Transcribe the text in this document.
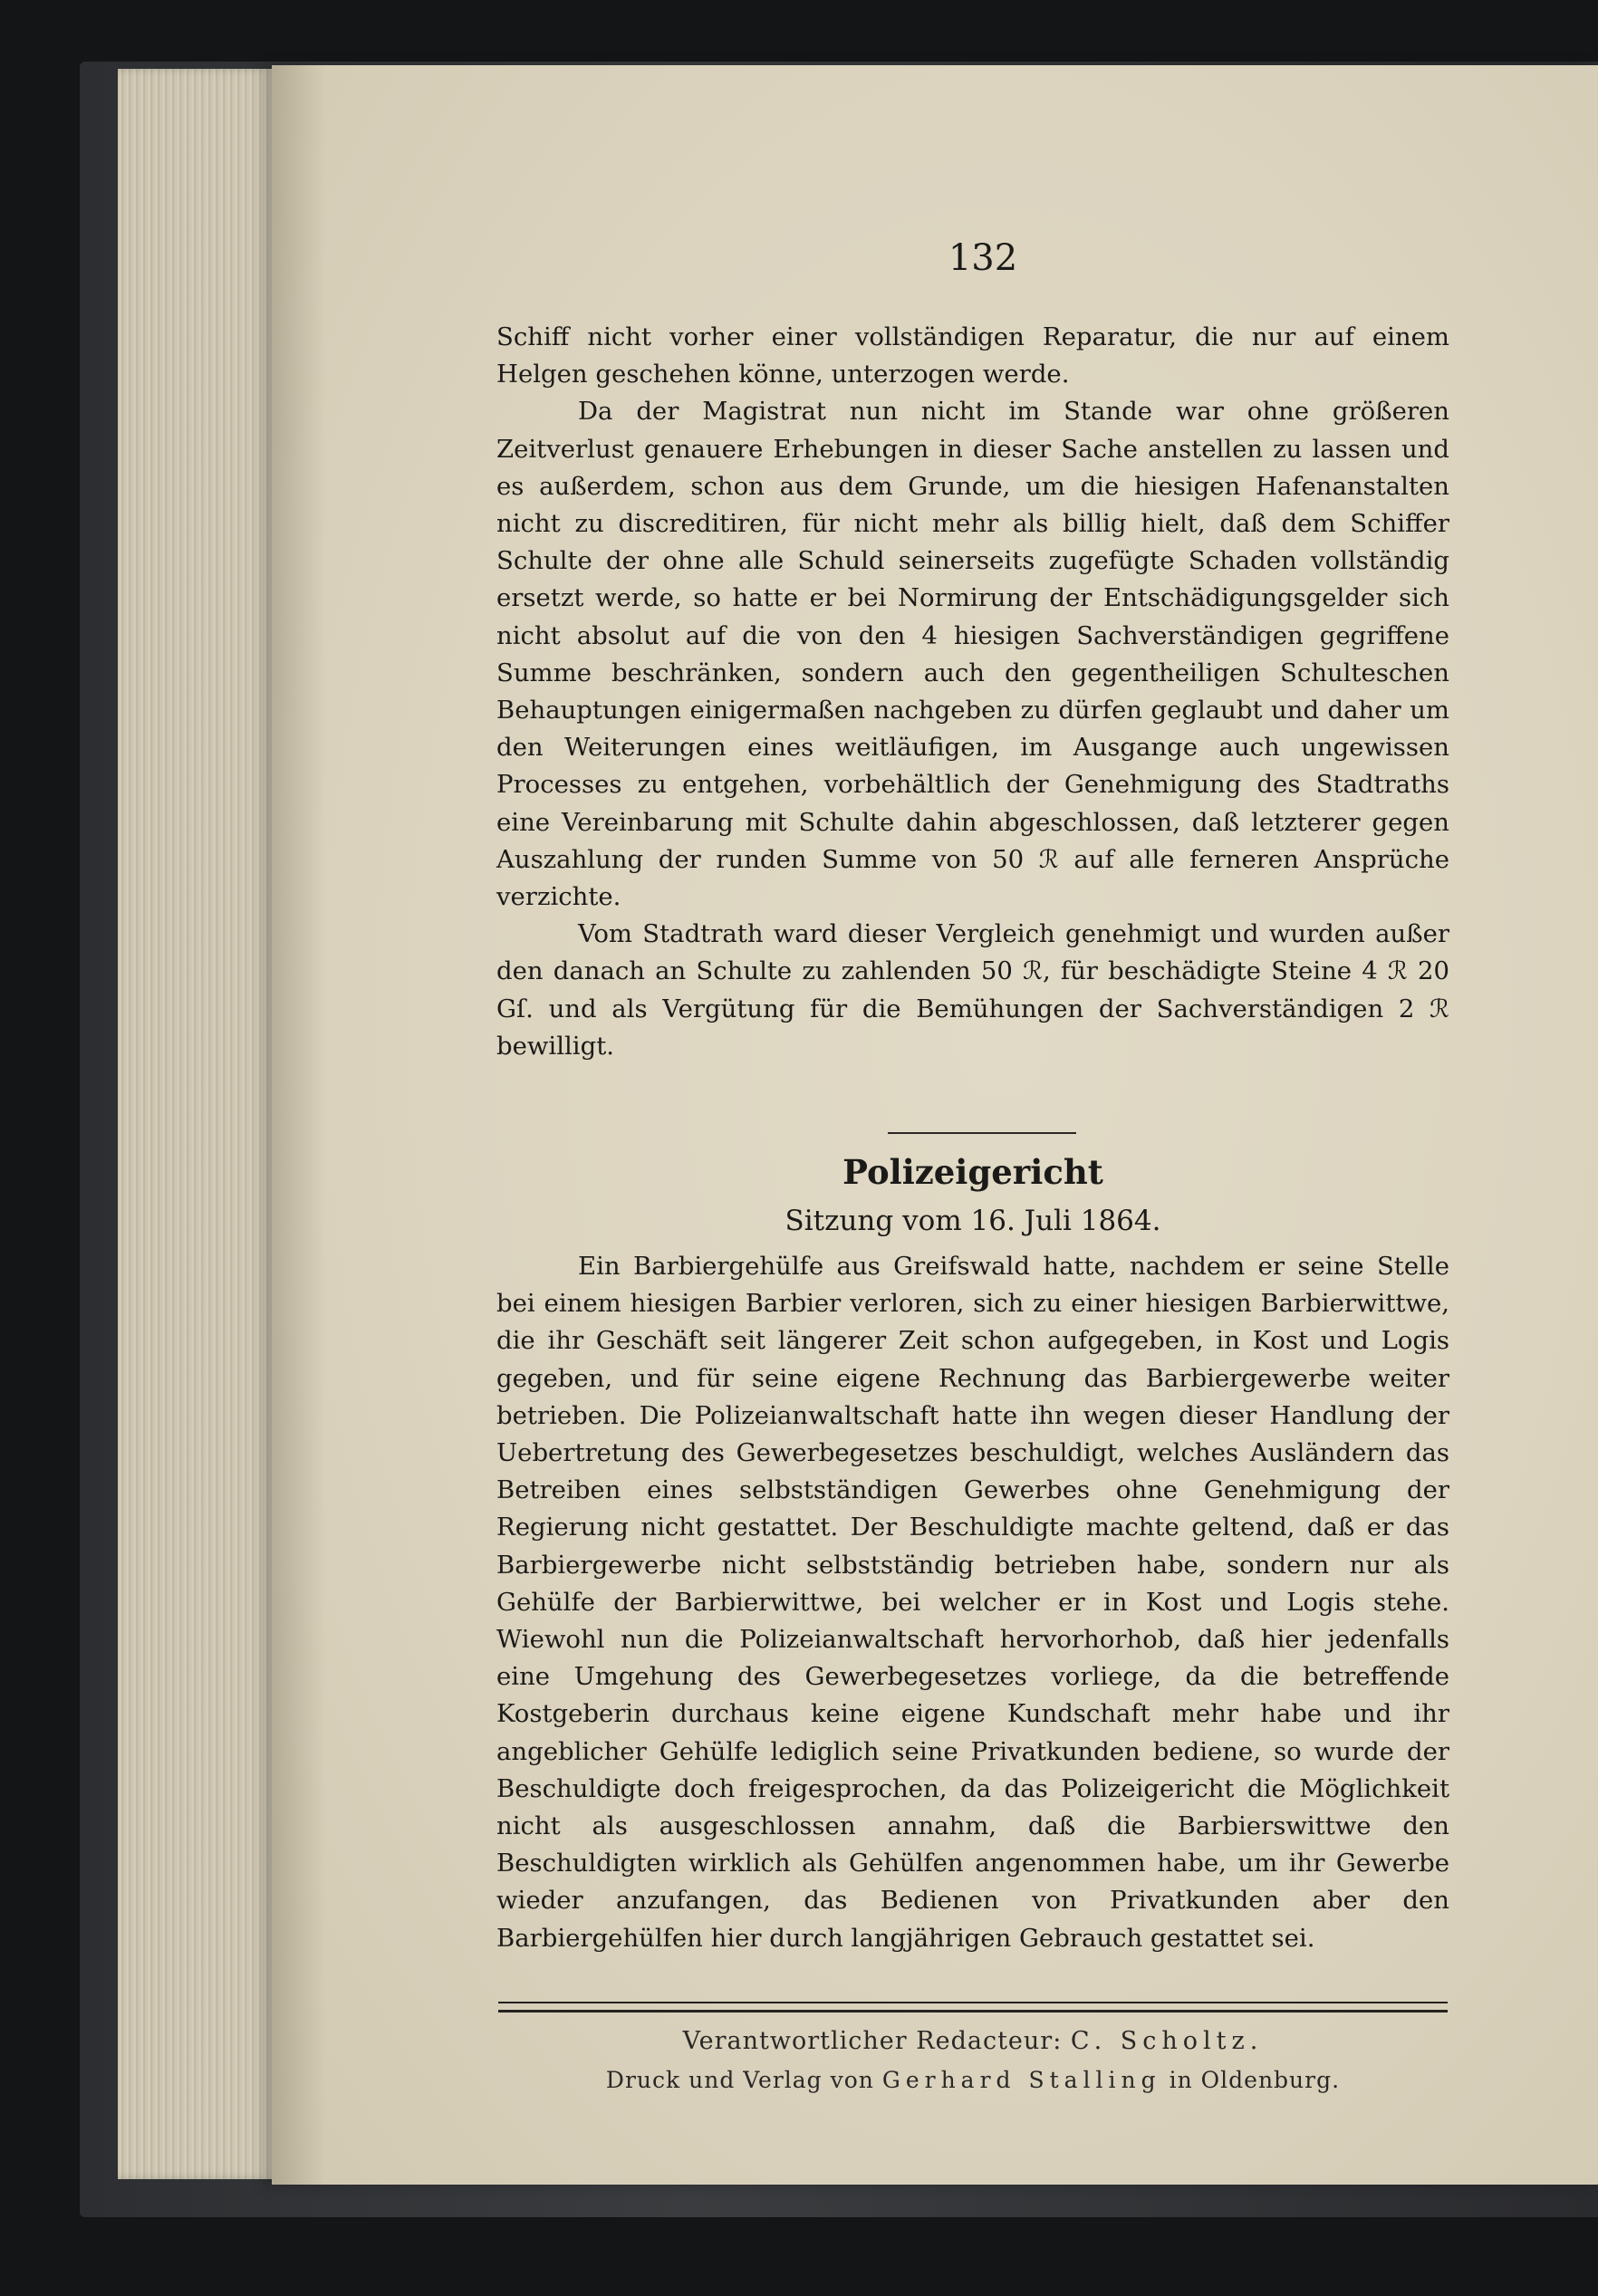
132

Schiff nicht vorher einer vollständigen Reparatur, die nur auf einem Helgen geschehen könne, unterzogen werde.

Da der Magistrat nun nicht im Stande war ohne größeren Zeitverlust genauere Erhebungen in dieser Sache anstellen zu lassen und es außerdem, schon aus dem Grunde, um die hiesigen Hafenanstalten nicht zu discreditiren, für nicht mehr als billig hielt, daß dem Schiffer Schulte der ohne alle Schuld seinerseits zugefügte Schaden vollständig ersetzt werde, so hatte er bei Normirung der Entschädigungsgelder sich nicht absolut auf die von den 4 hiesigen Sachverständigen gegriffene Summe beschränken, sondern auch den gegentheiligen Schulteschen Behauptungen einigermaßen nachgeben zu dürfen geglaubt und daher um den Weiterungen eines weitläufigen, im Ausgange auch ungewissen Processes zu entgehen, vorbehältlich der Genehmigung des Stadtraths eine Vereinbarung mit Schulte dahin abgeschlossen, daß letzterer gegen Auszahlung der runden Summe von 50 ℛ︀ auf alle ferneren Ansprüche verzichte.

Vom Stadtrath ward dieser Vergleich genehmigt und wurden außer den danach an Schulte zu zahlenden 50 ℛ︀, für beschädigte Steine 4 ℛ︀ 20 Gſ. und als Vergütung für die Bemühungen der Sachverständigen 2 ℛ︀ bewilligt.

Polizeigericht
Sitzung vom 16. Juli 1864.

Ein Barbiergehülfe aus Greifswald hatte, nachdem er seine Stelle bei einem hiesigen Barbier verloren, sich zu einer hiesigen Barbierwittwe, die ihr Geschäft seit längerer Zeit schon aufgegeben, in Kost und Logis gegeben, und für seine eigene Rechnung das Barbiergewerbe weiter betrieben. Die Polizeianwaltschaft hatte ihn wegen dieser Handlung der Uebertretung des Gewerbegesetzes beschuldigt, welches Ausländern das Betreiben eines selbstständigen Gewerbes ohne Genehmigung der Regierung nicht gestattet. Der Beschuldigte machte geltend, daß er das Barbiergewerbe nicht selbstständig betrieben habe, sondern nur als Gehülfe der Barbierwittwe, bei welcher er in Kost und Logis stehe. Wiewohl nun die Polizeianwaltschaft hervorhorhob, daß hier jedenfalls eine Umgehung des Gewerbegesetzes vorliege, da die betreffende Kostgeberin durchaus keine eigene Kundschaft mehr habe und ihr angeblicher Gehülfe lediglich seine Privatkunden bediene, so wurde der Beschuldigte doch freigesprochen, da das Polizeigericht die Möglichkeit nicht als ausgeschlossen annahm, daß die Barbierswittwe den Beschuldigten wirklich als Gehülfen angenommen habe, um ihr Gewerbe wieder anzufangen, das Bedienen von Privatkunden aber den Barbiergehülfen hier durch langjährigen Gebrauch gestattet sei.

Verantwortlicher Redacteur: C. Scholtz.
Druck und Verlag von Gerhard Stalling in Oldenburg.
